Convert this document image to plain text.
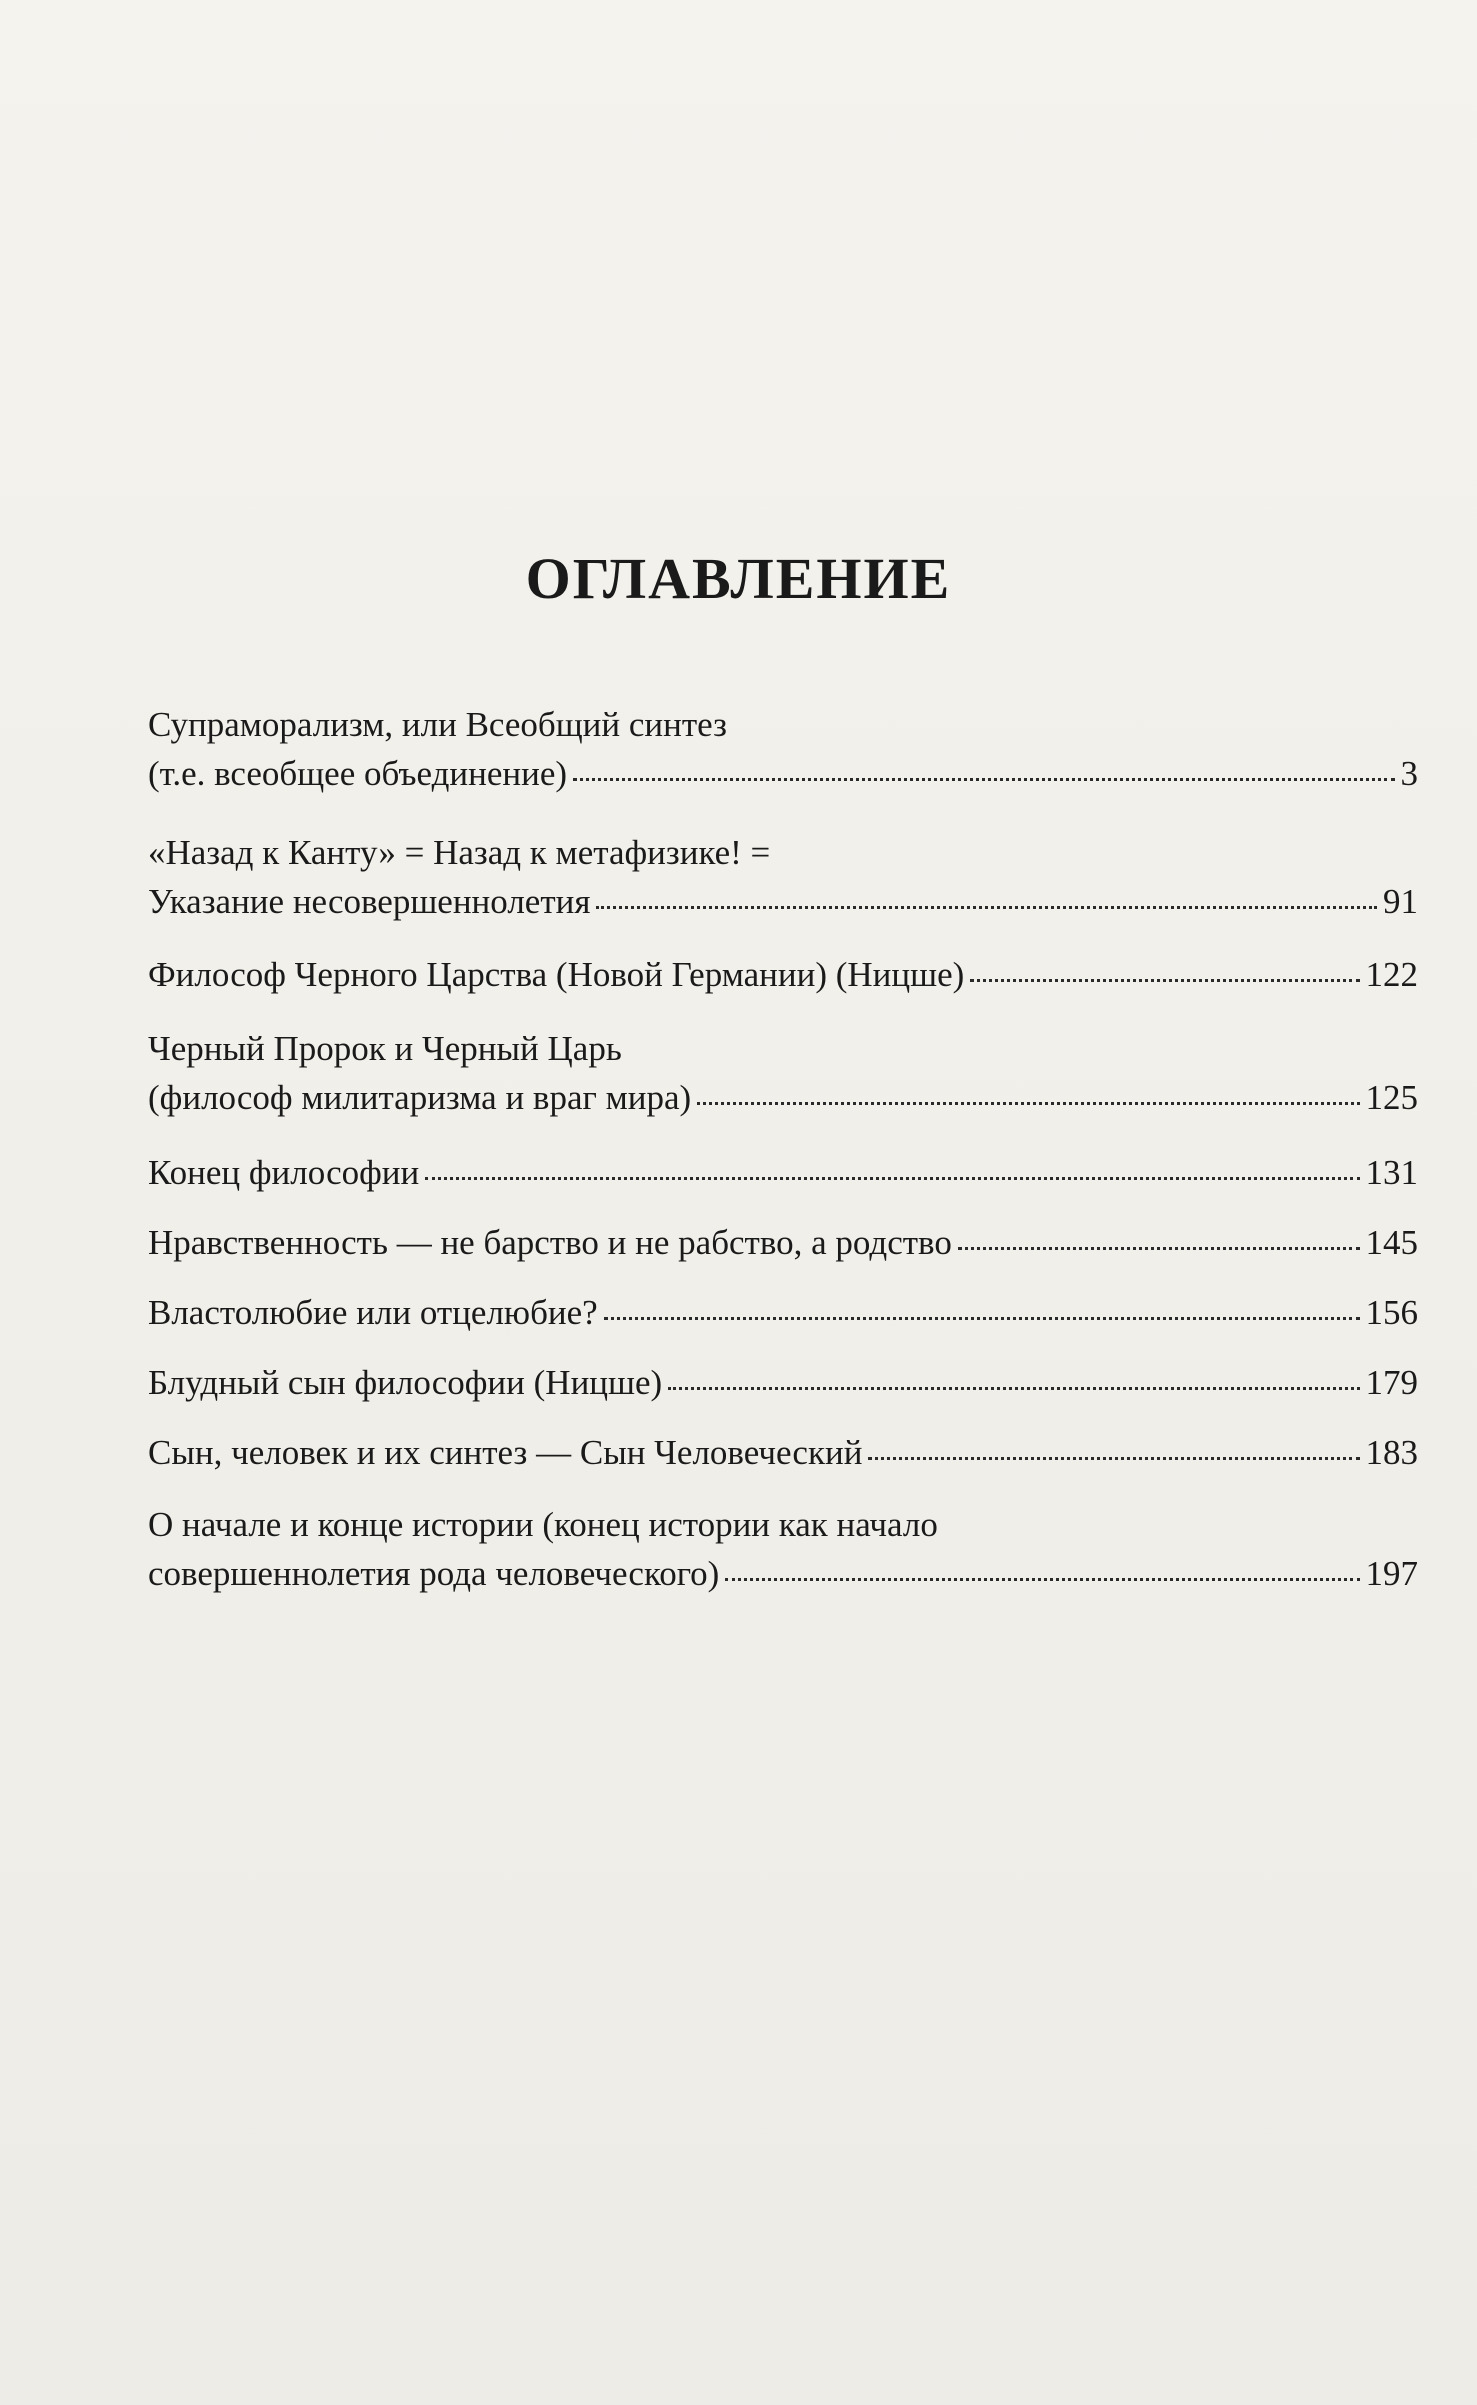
ОГЛАВЛЕНИЕ
Супраморализм, или Всеобщий синтез
(т.е. всеобщее объединение)	3
«Назад к Канту» = Назад к метафизике! =
Указание несовершеннолетия	91
Философ Черного Царства (Новой Германии) (Ницше)	122
Черный Пророк и Черный Царь
(философ милитаризма и враг мира)	125
Конец философии	131
Нравственность — не барство и не рабство, а родство	145
Властолюбие или отцелюбие?	156
Блудный сын философии (Ницше)	179
Сын, человек и их синтез — Сын Человеческий	183
О начале и конце истории (конец истории как начало
совершеннолетия рода человеческого)	197
